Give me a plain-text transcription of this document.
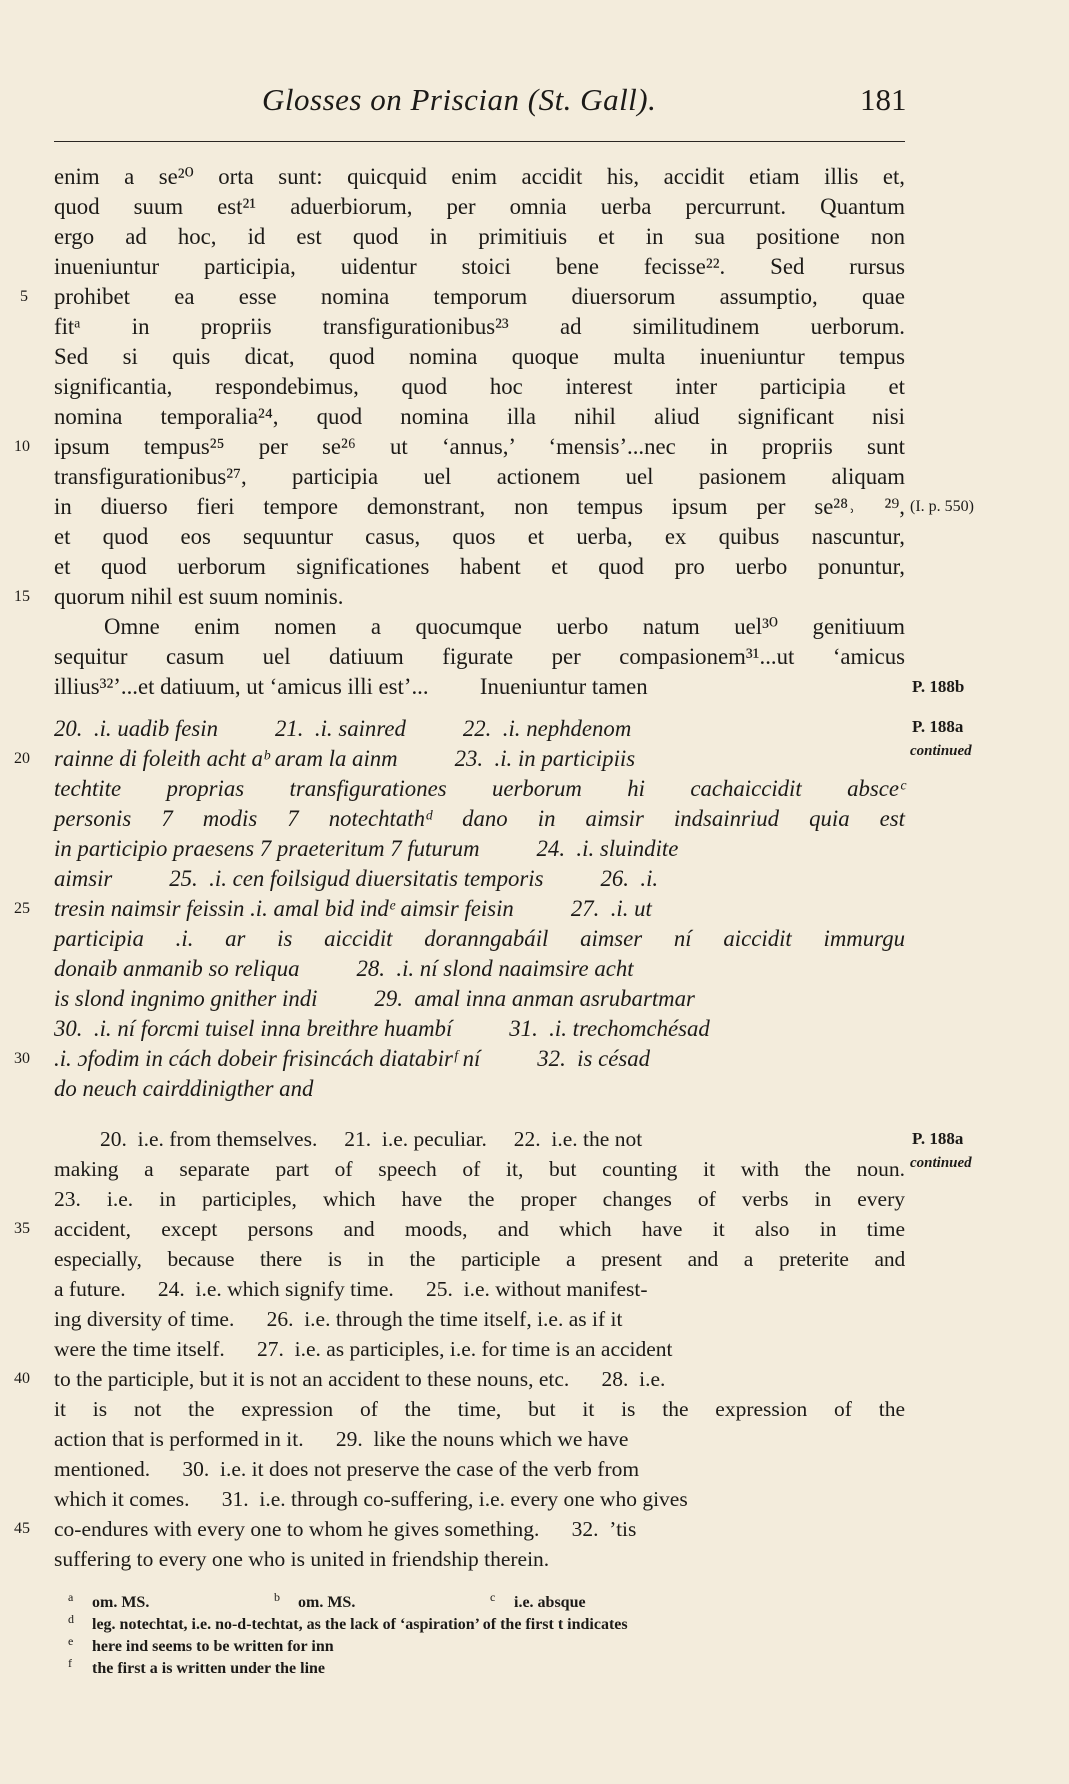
Glosses on Priscian (St. Gall).	181
enim a se²⁰ orta sunt: quicquid enim accidit his, accidit etiam illis et,
quod suum est²¹ aduerbiorum, per omnia uerba percurrunt. Quantum
ergo ad hoc, id est quod in primitiuis et in sua positione non
inueniuntur participia, uidentur stoici bene fecisse²². Sed rursus
prohibet ea esse nomina temporum diuersorum assumptio, quae
fitᵃ in propriis transfigurationibus²³ ad similitudinem uerborum.
Sed si quis dicat, quod nomina quoque multa inueniuntur tempus
significantia, respondebimus, quod hoc interest inter participia et
nomina temporalia²⁴, quod nomina illa nihil aliud significant nisi
ipsum tempus²⁵ per se²⁶ ut ‘annus,’ ‘mensis’...nec in propriis sunt
transfigurationibus²⁷, participia uel actionem uel pasionem aliquam
in diuerso fieri tempore demonstrant, non tempus ipsum per se²⁸˒ ²⁹,
et quod eos sequuntur casus, quos et uerba, ex quibus nascuntur,
et quod uerborum significationes habent et quod pro uerbo ponuntur,
quorum nihil est suum nominis.
Omne enim nomen a quocumque uerbo natum uel³⁰ genitiuum
sequitur casum uel datiuum figurate per compasionem³¹...ut ‘amicus
illius³²’...et datiuum, ut ‘amicus illi est’...         Inueniuntur tamen
5
10
15
(I. p. 550)
P. 188b
20.  .i. uadib fesin          21.  .i. sainred          22.  .i. nephdenom
rainne di foleith acht aᵇ aram la ainm          23.  .i. in participiis
techtite proprias transfigurationes uerborum hi cachaiccidit absceᶜ
personis 7 modis 7 notechtathᵈ dano in aimsir indsainriud quia est
in participio praesens 7 praeteritum 7 futurum          24.  .i. sluindite
aimsir          25.  .i. cen foilsigud diuersitatis temporis          26.  .i.
tresin naimsir feissin .i. amal bid indᵉ aimsir feisin          27.  .i. ut
participia .i. ar is aiccidit doranngabáil aimser ní aiccidit immurgu
donaib anmanib so reliqua          28.  .i. ní slond naaimsire acht
is slond ingnimo gnither indi          29.  amal inna anman asrubartmar
30.  .i. ní forcmi tuisel inna breithre huambí          31.  .i. trechomchésad
.i. ɔfodim in cách dobeir frisincách diatabirᶠ ní          32.  is césad
do neuch cairddinigther and
20
25
30
P. 188a
continued
20.  i.e. from themselves.     21.  i.e. peculiar.     22.  i.e. the not
making a separate part of speech of it, but counting it with the noun.
23. i.e. in participles, which have the proper changes of verbs in every
accident, except persons and moods, and which have it also in time
especially, because there is in the participle a present and a preterite and
a future.      24.  i.e. which signify time.      25.  i.e. without manifest-
ing diversity of time.      26.  i.e. through the time itself, i.e. as if it
were the time itself.      27.  i.e. as participles, i.e. for time is an accident
to the participle, but it is not an accident to these nouns, etc.      28.  i.e.
it is not the expression of the time, but it is the expression of the
action that is performed in it.      29.  like the nouns which we have
mentioned.      30.  i.e. it does not preserve the case of the verb from
which it comes.      31.  i.e. through co-suffering, i.e. every one who gives
co-endures with every one to whom he gives something.      32.  ’tis
suffering to every one who is united in friendship therein.
35
40
45
P. 188a
continued
a om. MS.	b om. MS.	c i.e. absque
d leg. notechtat, i.e. no-d-techtat, as the lack of ‘aspiration’ of the first t indicates
e here ind seems to be written for inn
f the first a is written under the line
